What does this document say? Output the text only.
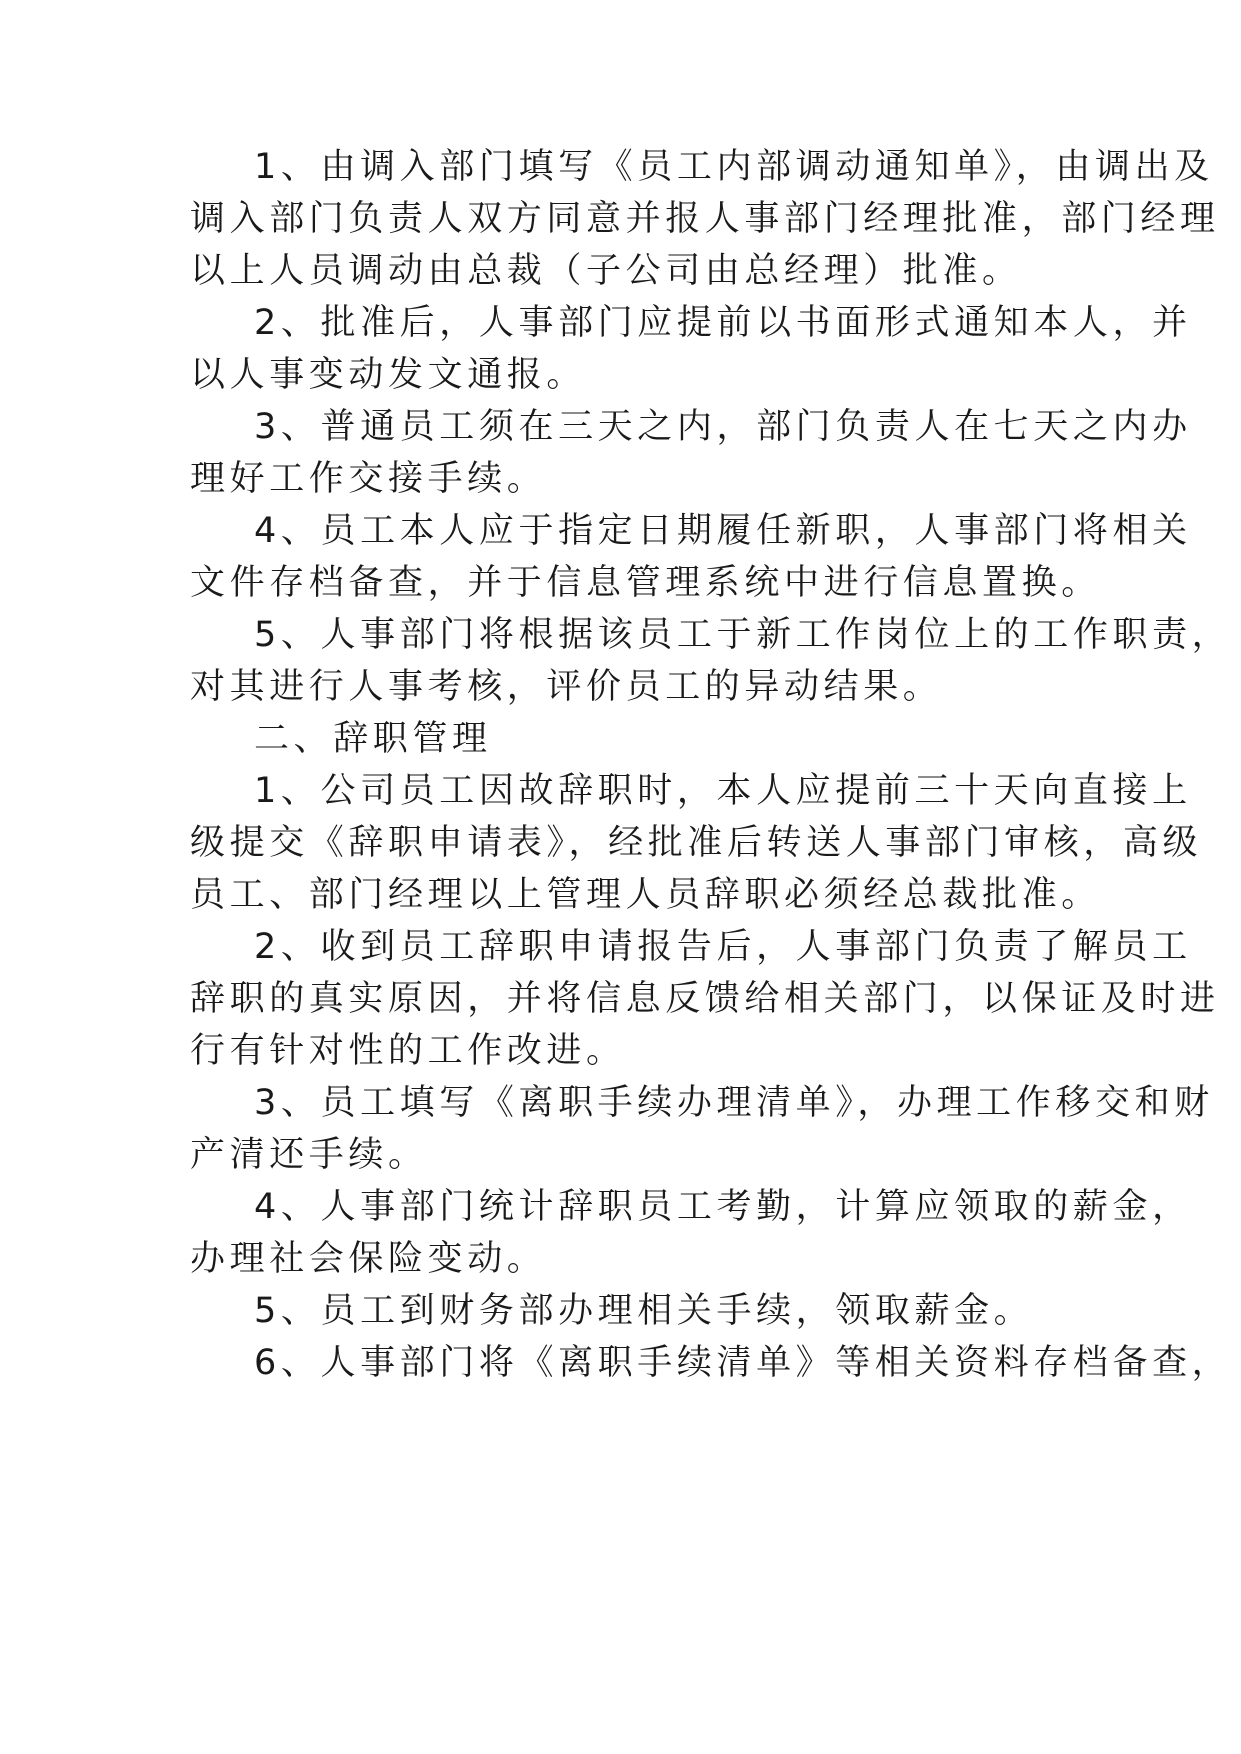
1、由调入部门填写《员工内部调动通知单》，由调出及

调入部门负责人双方同意并报人事部门经理批准，部门经理

以上人员调动由总裁（子公司由总经理）批准。

2、批准后，人事部门应提前以书面形式通知本人，并

以人事变动发文通报。

3、普通员工须在三天之内，部门负责人在七天之内办

理好工作交接手续。

4、员工本人应于指定日期履任新职，人事部门将相关

文件存档备查，并于信息管理系统中进行信息置换。

5、人事部门将根据该员工于新工作岗位上的工作职责，

对其进行人事考核，评价员工的异动结果。

二、辞职管理

1、公司员工因故辞职时，本人应提前三十天向直接上

级提交《辞职申请表》，经批准后转送人事部门审核，高级

员工、部门经理以上管理人员辞职必须经总裁批准。

2、收到员工辞职申请报告后，人事部门负责了解员工

辞职的真实原因，并将信息反馈给相关部门，以保证及时进

行有针对性的工作改进。

3、员工填写《离职手续办理清单》，办理工作移交和财

产清还手续。

4、人事部门统计辞职员工考勤，计算应领取的薪金，

办理社会保险变动。

5、员工到财务部办理相关手续，领取薪金。

6、人事部门将《离职手续清单》等相关资料存档备查，
